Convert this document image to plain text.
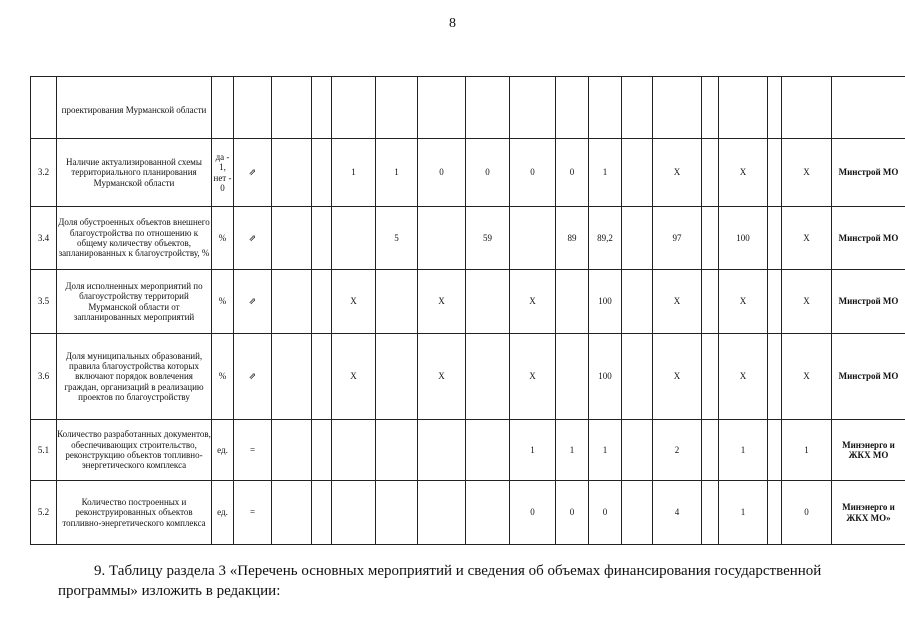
8
	проектирования Мурманской области																		
3.2	Наличие актуализированной схемы территориального планирования Мурманской области	да - 1, нет - 0	⇗			1	1	0	0	0	0	1		X		X		X	Минстрой МО
3.4	Доля обустроенных объектов внешнего благоустройства по отношению к общему количеству объектов, запланированных к благоустройству, %	%	⇗				5		59		89	89,2		97		100		X	Минстрой МО
3.5	Доля исполненных мероприятий по благоустройству территорий Мурманской области от запланированных мероприятий	%	⇗			X		X		X		100		X		X		X	Минстрой МО
3.6	Доля муниципальных образований, правила благоустройства которых включают порядок вовлечения граждан, организаций в реализацию проектов по благоустройству	%	⇗			X		X		X		100		X		X		X	Минстрой МО
5.1	Количество разработанных документов, обеспечивающих строительство, реконструкцию объектов топливно-энергетического комплекса	ед.	=							1	1	1		2		1		1	Минэнерго и ЖКХ МО
5.2	Количество построенных и реконструированных объектов топливно-энергетического комплекса	ед.	=							0	0	0		4		1		0	Минэнерго и ЖКХ МО»
9. Таблицу раздела 3 «Перечень основных мероприятий и сведения об объемах финансирования государственной программы» изложить в редакции:
